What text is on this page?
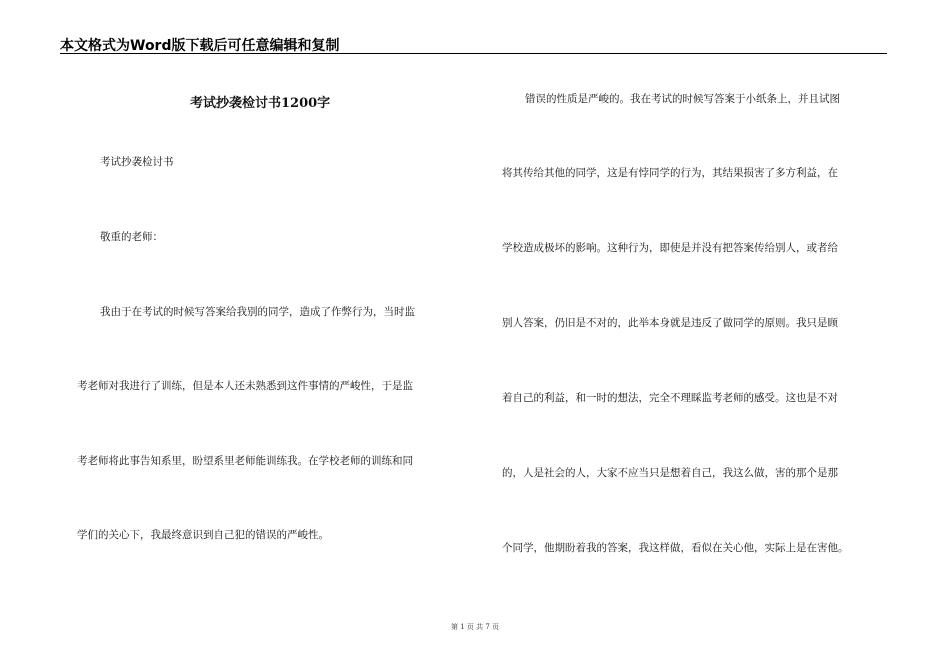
本文格式为Word版下载后可任意编辑和复制
考试抄袭检讨书1200字
考试抄袭检讨书
敬重的老师：
我由于在考试的时候写答案给我别的同学，造成了作弊行为，当时监
考老师对我进行了训练，但是本人还未熟悉到这件事情的严峻性，于是监
考老师将此事告知系里，盼望系里老师能训练我。在学校老师的训练和同
学们的关心下，我最终意识到自己犯的错误的严峻性。
错误的性质是严峻的。我在考试的时候写答案于小纸条上，并且试图
将其传给其他的同学，这是有悖同学的行为，其结果损害了多方利益，在
学校造成极坏的影响。这种行为，即使是并没有把答案传给别人，或者给
别人答案，仍旧是不对的，此举本身就是违反了做同学的原则。我只是顾
着自己的利益，和一时的想法，完全不理睬监考老师的感受。这也是不对
的，人是社会的人，大家不应当只是想着自己，我这么做，害的那个是那
个同学，他期盼着我的答案，我这样做，看似在关心他，实际上是在害他。
第 1 页 共 7 页
